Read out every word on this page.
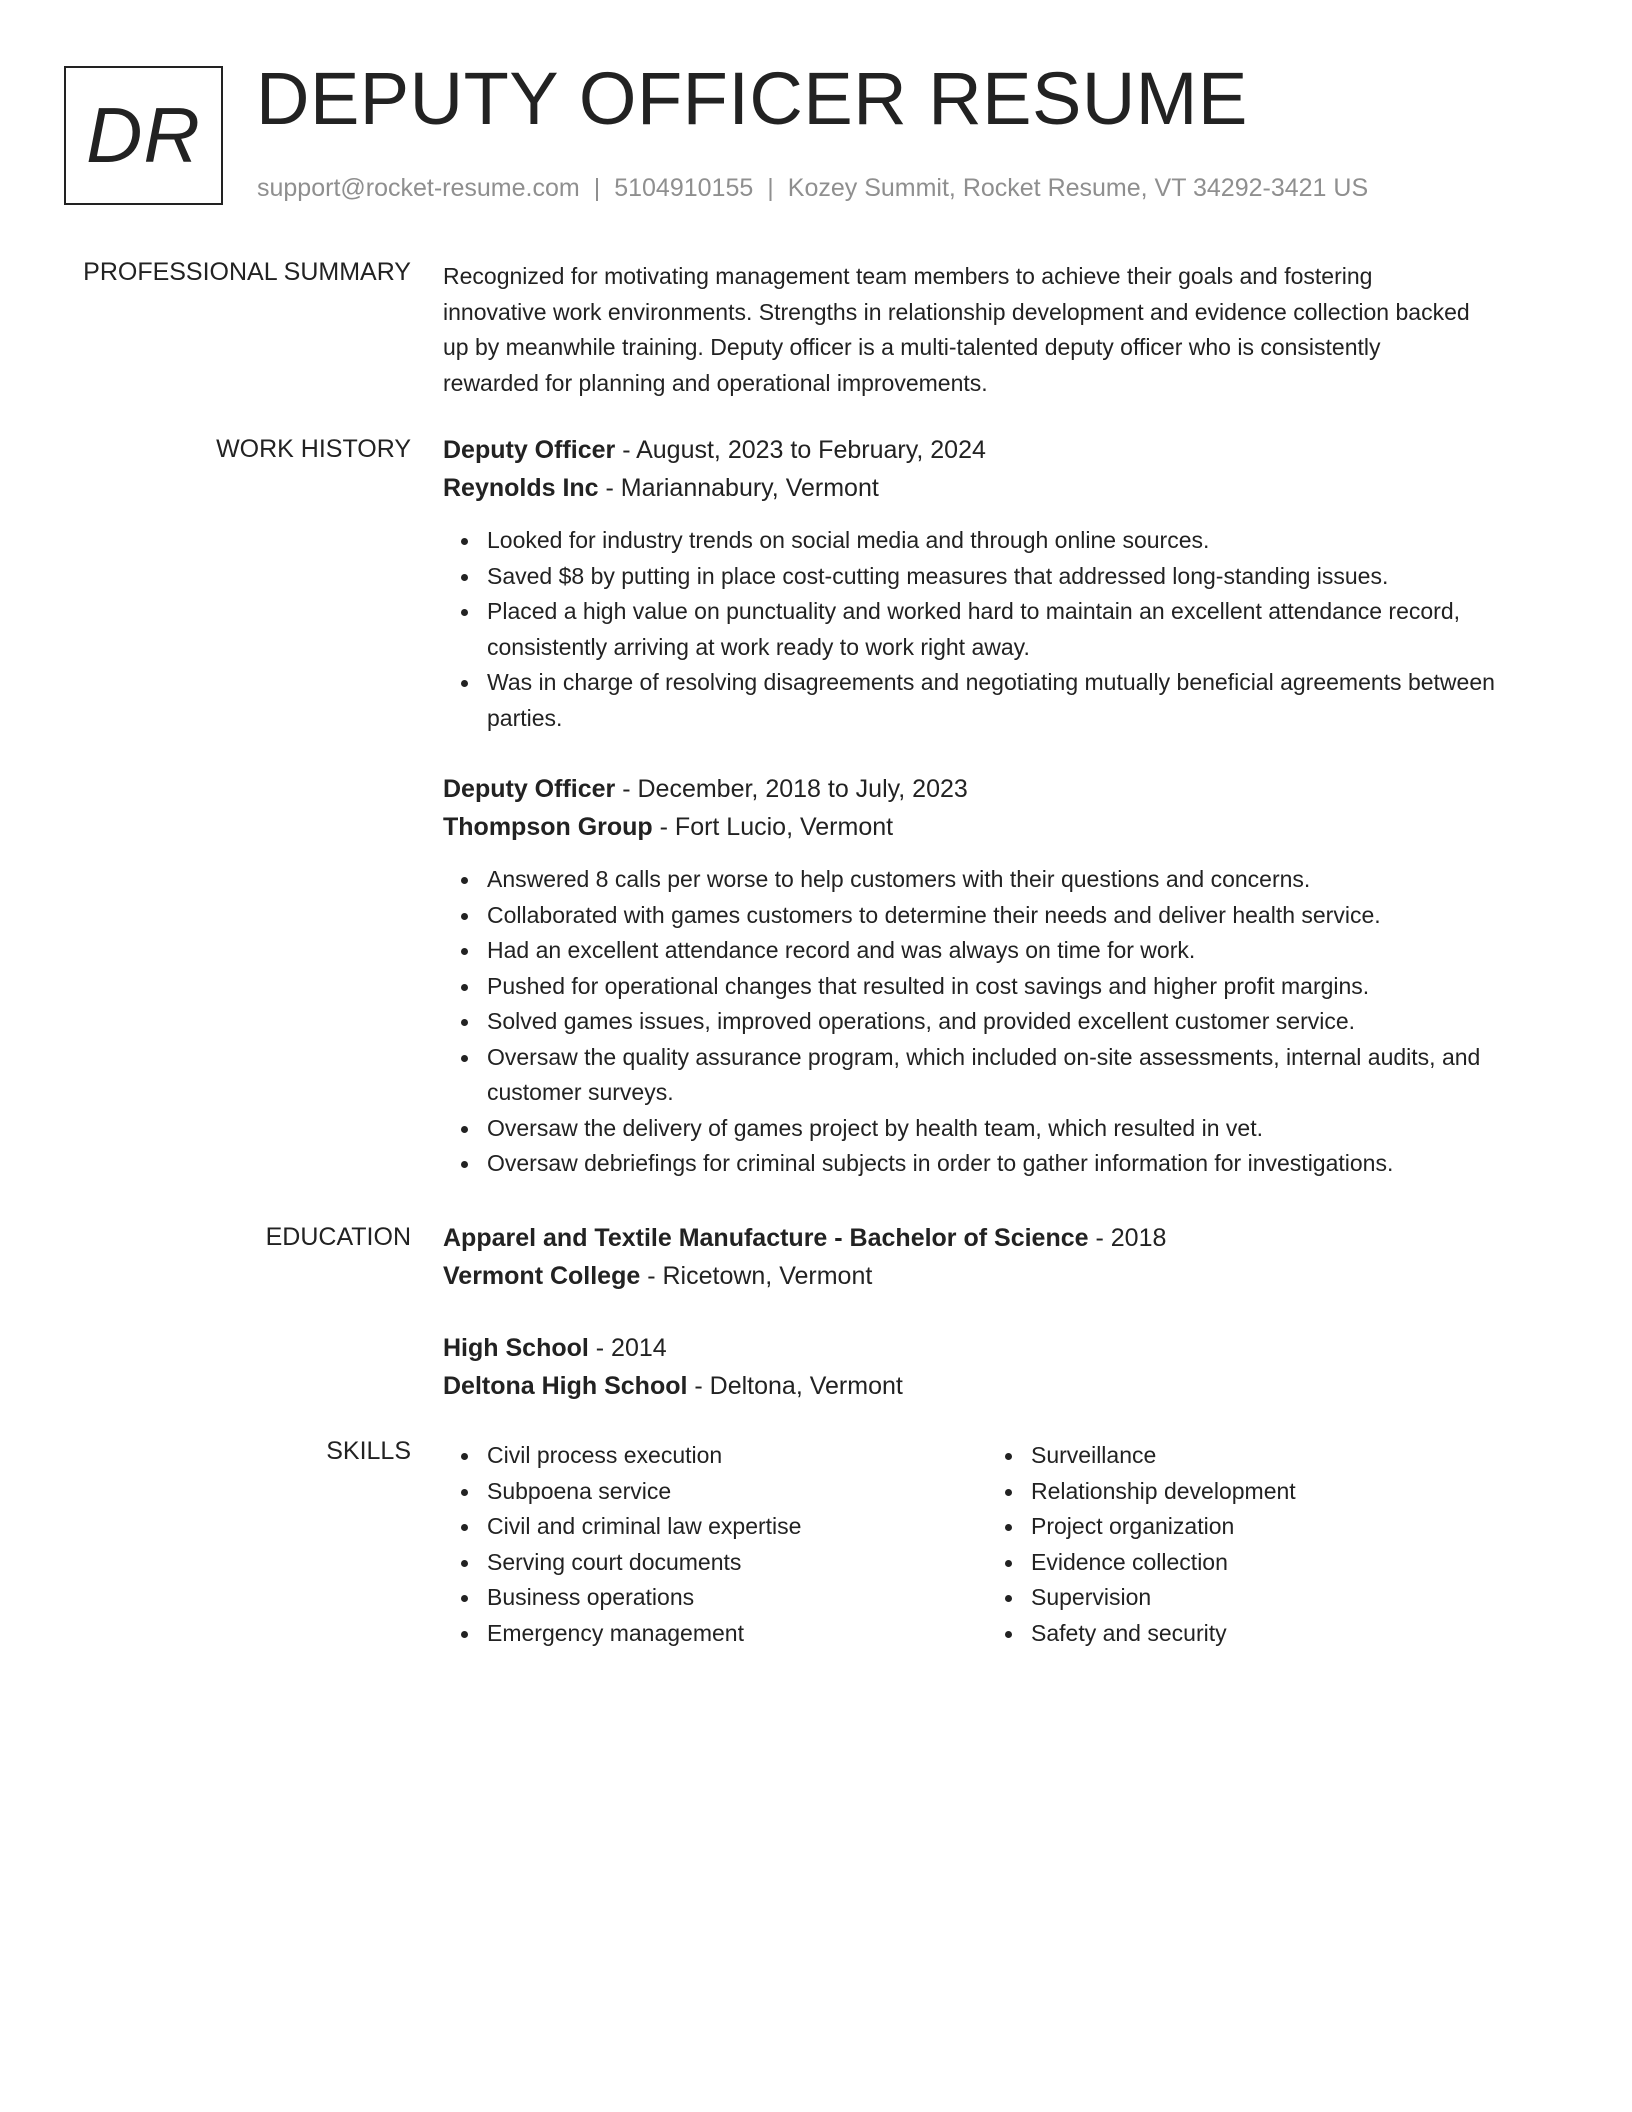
DR DEPUTY OFFICER RESUME
support@rocket-resume.com | 5104910155 | Kozey Summit, Rocket Resume, VT 34292-3421 US
PROFESSIONAL SUMMARY Recognized for motivating management team members to achieve their goals and fostering
innovative work environments. Strengths in relationship development and evidence collection backed
up by meanwhile training. Deputy officer is a multi-talented deputy officer who is consistently
rewarded for planning and operational improvements.

WORK HISTORY Deputy Officer - August, 2023 to February, 2024

Reynolds Inc - Mariannabury, Vermont

Looked for industry trends on social media and through online sources.
Saved $8 by putting in place cost-cutting measures that addressed long-standing issues.
Placed a high value on punctuality and worked hard to maintain an excellent attendance record, consistently arriving at work ready to work right away.
Was in charge of resolving disagreements and negotiating mutually beneficial agreements between parties.

Deputy Officer - December, 2018 to July, 2023

Thompson Group - Fort Lucio, Vermont

Answered 8 calls per worse to help customers with their questions and concerns.
Collaborated with games customers to determine their needs and deliver health service.
Had an excellent attendance record and was always on time for work.
Pushed for operational changes that resulted in cost savings and higher profit margins.
Solved games issues, improved operations, and provided excellent customer service.
Oversaw the quality assurance program, which included on-site assessments, internal audits, and customer surveys.
Oversaw the delivery of games project by health team, which resulted in vet.
Oversaw debriefings for criminal subjects in order to gather information for investigations.
EDUCATION Apparel and Textile Manufacture - Bachelor of Science - 2018

Vermont College - Ricetown, Vermont

High School - 2014

Deltona High School - Deltona, Vermont

SKILLS	Civil process execution
Subpoena service
Civil and criminal law expertise
Serving court documents
Business operations
Emergency management
Surveillance
Relationship development
Project organization
Evidence collection
Supervision
Safety and security
